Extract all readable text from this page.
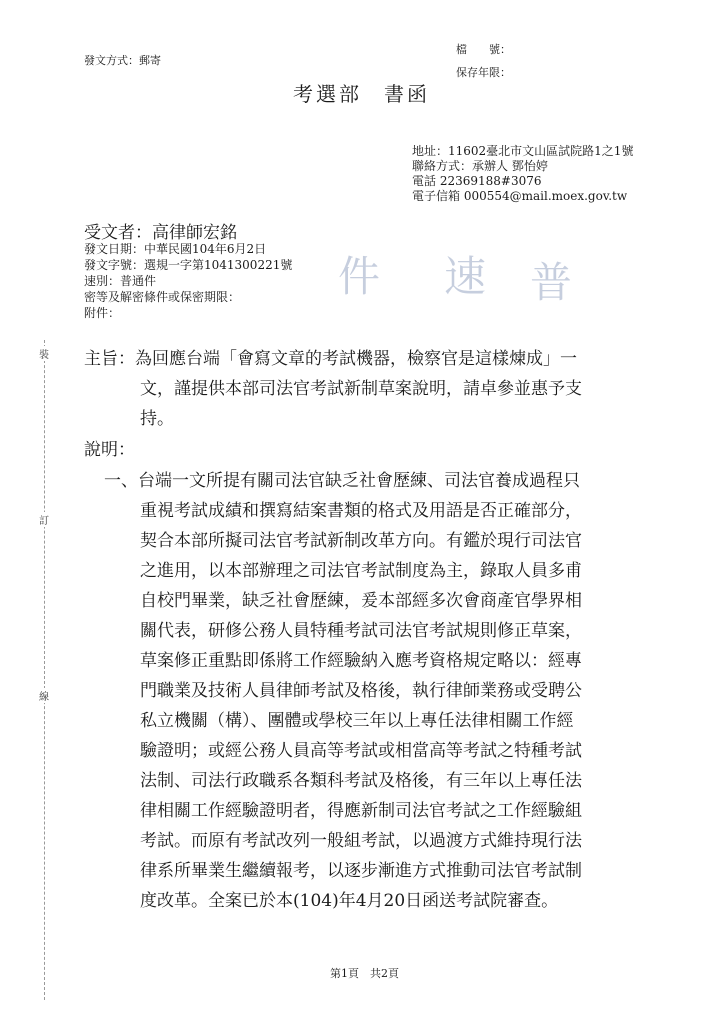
發文方式：郵寄
檔　　號：
保存年限：
考選部 書函
地址：11602臺北市文山區試院路1之1號
聯絡方式：承辦人 鄧怡婷
電話 22369188#3076
電子信箱 000554@mail.moex.gov.tw
受文者：高律師宏銘
發文日期：中華民國104年6月2日
發文字號：選規一字第1041300221號
速別：普通件
密等及解密條件或保密期限：
附件：
件 速 普
裝
訂
線
主旨：為回應台端「會寫文章的考試機器，檢察官是這樣煉成」一
文，謹提供本部司法官考試新制草案說明，請卓參並惠予支
持。
說明：
一、台端一文所提有關司法官缺乏社會歷練、司法官養成過程只
重視考試成績和撰寫結案書類的格式及用語是否正確部分，
契合本部所擬司法官考試新制改革方向。有鑑於現行司法官
之進用，以本部辦理之司法官考試制度為主，錄取人員多甫
自校門畢業，缺乏社會歷練，爰本部經多次會商產官學界相
關代表，研修公務人員特種考試司法官考試規則修正草案，
草案修正重點即係將工作經驗納入應考資格規定略以：經專
門職業及技術人員律師考試及格後，執行律師業務或受聘公
私立機關（構）、團體或學校三年以上專任法律相關工作經
驗證明；或經公務人員高等考試或相當高等考試之特種考試
法制、司法行政職系各類科考試及格後，有三年以上專任法
律相關工作經驗證明者，得應新制司法官考試之工作經驗組
考試。而原有考試改列一般組考試，以過渡方式維持現行法
律系所畢業生繼續報考，以逐步漸進方式推動司法官考試制
度改革。全案已於本(104)年4月20日函送考試院審查。
第1頁　共2頁
